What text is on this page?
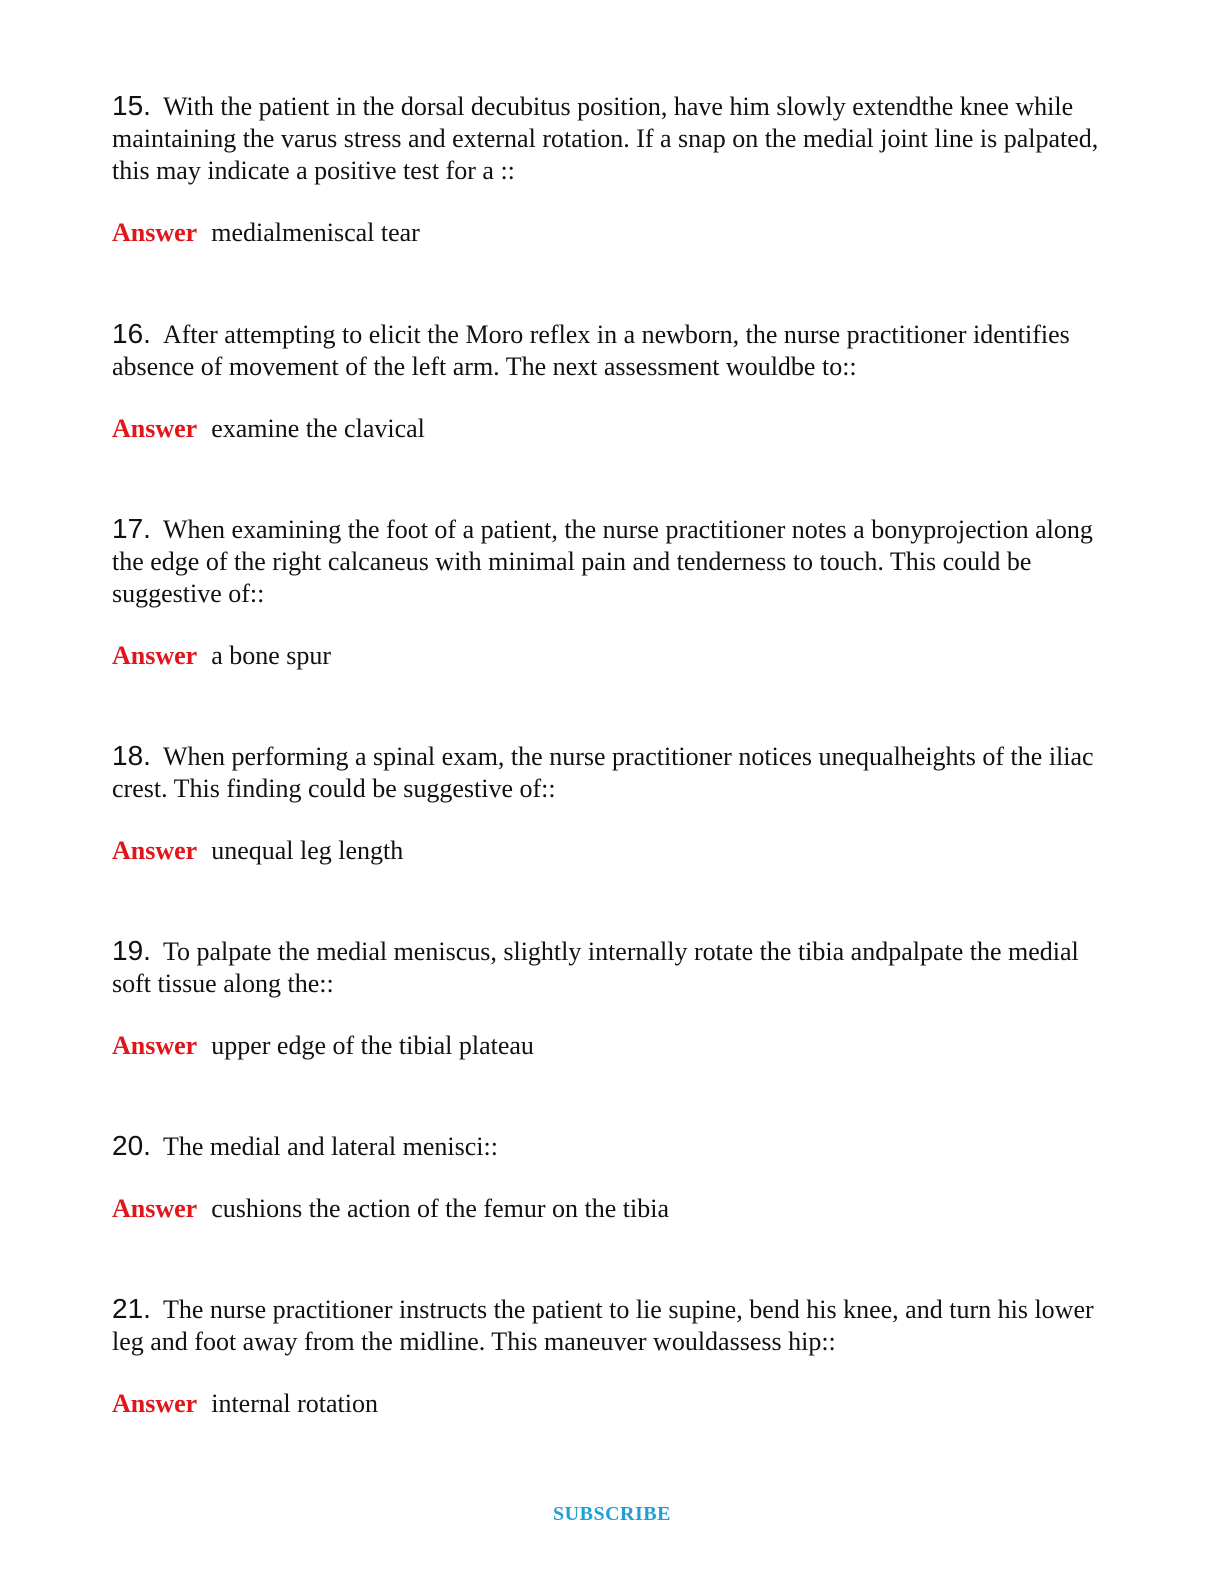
15. With the patient in the dorsal decubitus position, have him slowly extendthe knee while maintaining the varus stress and external rotation. If a snap on the medial joint line is palpated, this may indicate a positive test for a ::

Answer medialmeniscal tear

16. After attempting to elicit the Moro reflex in a newborn, the nurse practitioner identifies absence of movement of the left arm. The next assessment wouldbe to::

Answer examine the clavical

17. When examining the foot of a patient, the nurse practitioner notes a bonyprojection along the edge of the right calcaneus with minimal pain and tenderness to touch. This could be suggestive of::

Answer a bone spur

18. When performing a spinal exam, the nurse practitioner notices unequalheights of the iliac crest. This finding could be suggestive of::

Answer unequal leg length

19. To palpate the medial meniscus, slightly internally rotate the tibia andpalpate the medial soft tissue along the::

Answer upper edge of the tibial plateau

20. The medial and lateral menisci::

Answer cushions the action of the femur on the tibia

21. The nurse practitioner instructs the patient to lie supine, bend his knee, and turn his lower leg and foot away from the midline. This maneuver wouldassess hip::

Answer internal rotation

SUBSCRIBE
